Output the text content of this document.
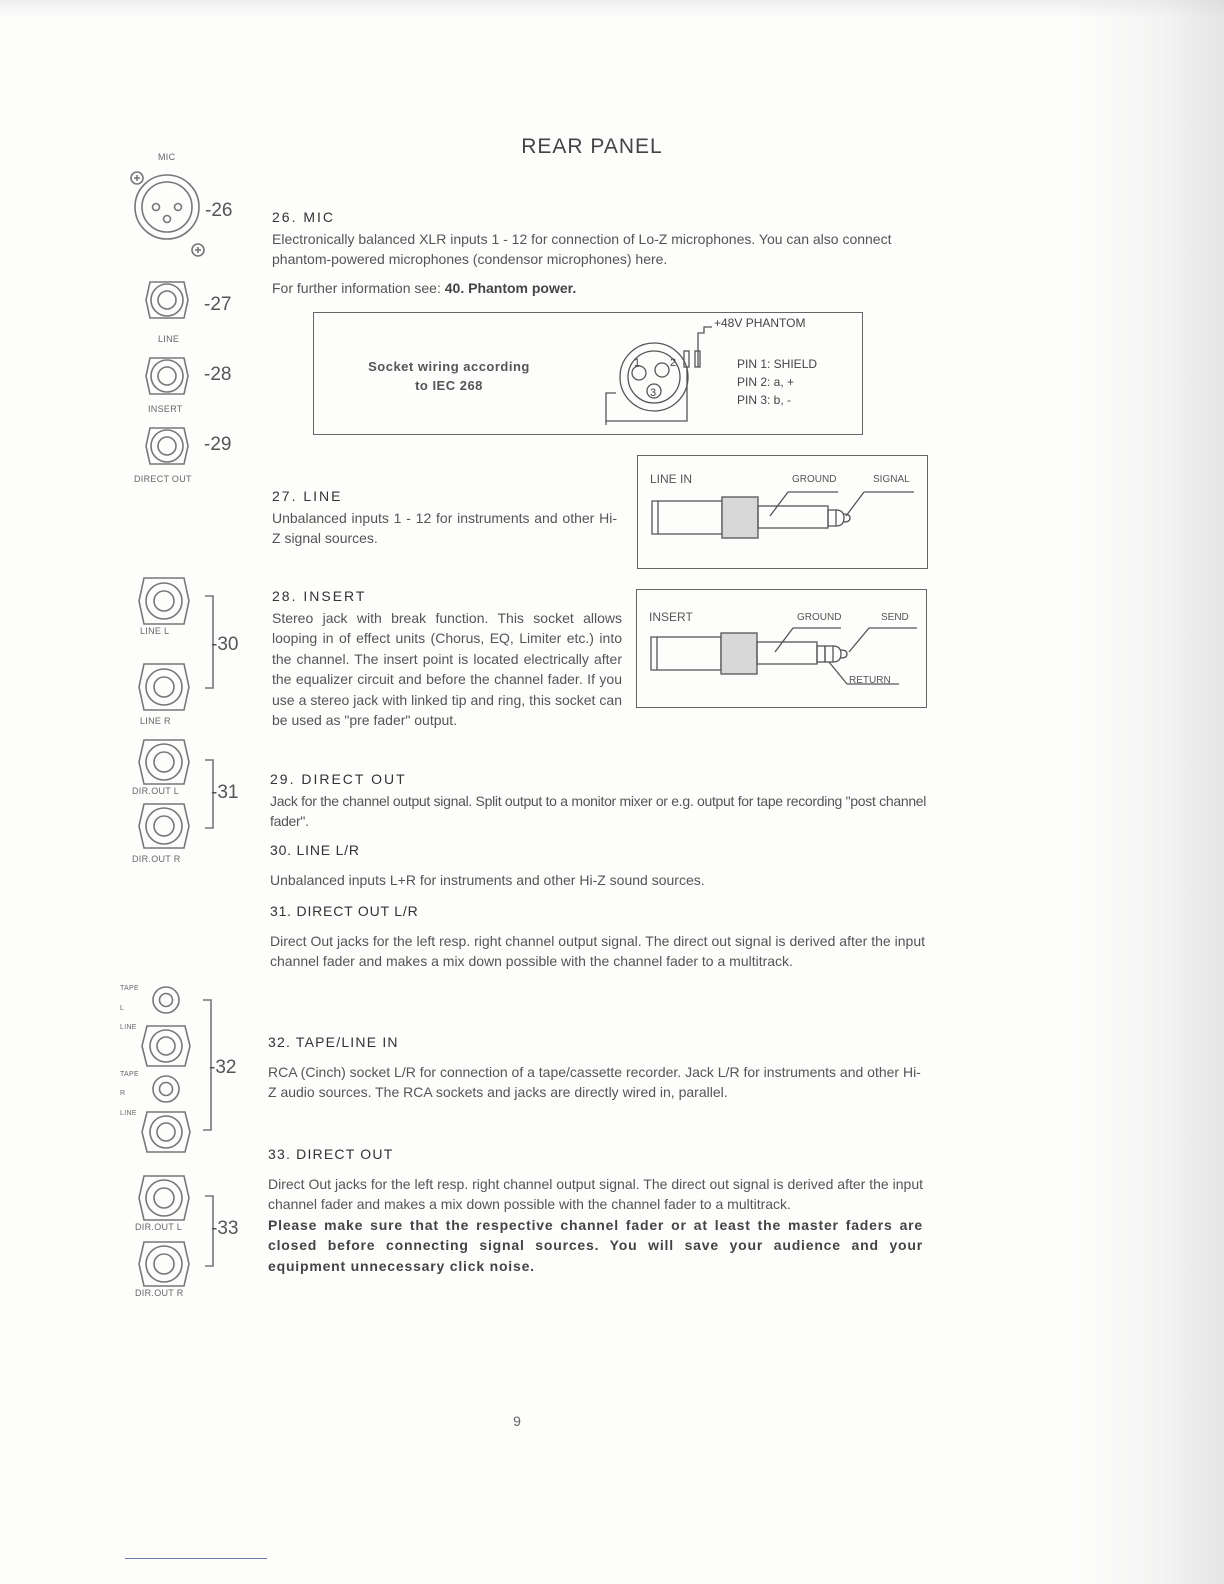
REAR PANEL
MIC
LINE
INSERT
DIRECT OUT
LINE L
LINE R
DIR.OUT L
DIR.OUT R
TAPE
L
LINE
TAPE
R
LINE
DIR.OUT L
DIR.OUT R
-26
-27
-28
-29
-30
-31
-32
-33
26. MIC

Electronically balanced XLR inputs 1 - 12 for connection of Lo-Z microphones. You can also connect phantom-powered microphones (condensor microphones) here.

For further information see: 40. Phantom power.

Socket wiring according
to IEC 268
1	2
3
+48V PHANTOM
PIN 1: SHIELD
PIN 2: a, +
PIN 3: b, -
27. LINE

Unbalanced inputs 1 - 12 for instruments and other Hi-Z signal sources.

LINE IN	GROUND	SIGNAL
28. INSERT

Stereo jack with break function. This socket allows looping in of effect units (Chorus, EQ, Limiter etc.) into the channel. The insert point is located electrically after the equalizer circuit and before the channel fader. If you use a stereo jack with linked tip and ring, this socket can be used as "pre fader" output.

INSERT	GROUND	SEND
RETURN
29. DIRECT OUT

Jack for the channel output signal. Split output to a monitor mixer or e.g. output for tape recording "post channel fader".

30. LINE L/R

Unbalanced inputs L+R for instruments and other Hi-Z sound sources.

31. DIRECT OUT L/R

Direct Out jacks for the left resp. right channel output signal. The direct out signal is derived after the input channel fader and makes a mix down possible with the channel fader to a multitrack.

32. TAPE/LINE IN

RCA (Cinch) socket L/R for connection of a tape/cassette recorder. Jack L/R for instruments and other Hi-Z audio sources. The RCA sockets and jacks are directly wired in, parallel.

33. DIRECT OUT

Direct Out jacks for the left resp. right channel output signal. The direct out signal is derived after the input channel fader and makes a mix down possible with the channel fader to a multitrack.

Please make sure that the respective channel fader or at least the master faders are closed before connecting signal sources. You will save your audience and your equipment unnecessary click noise.

9
